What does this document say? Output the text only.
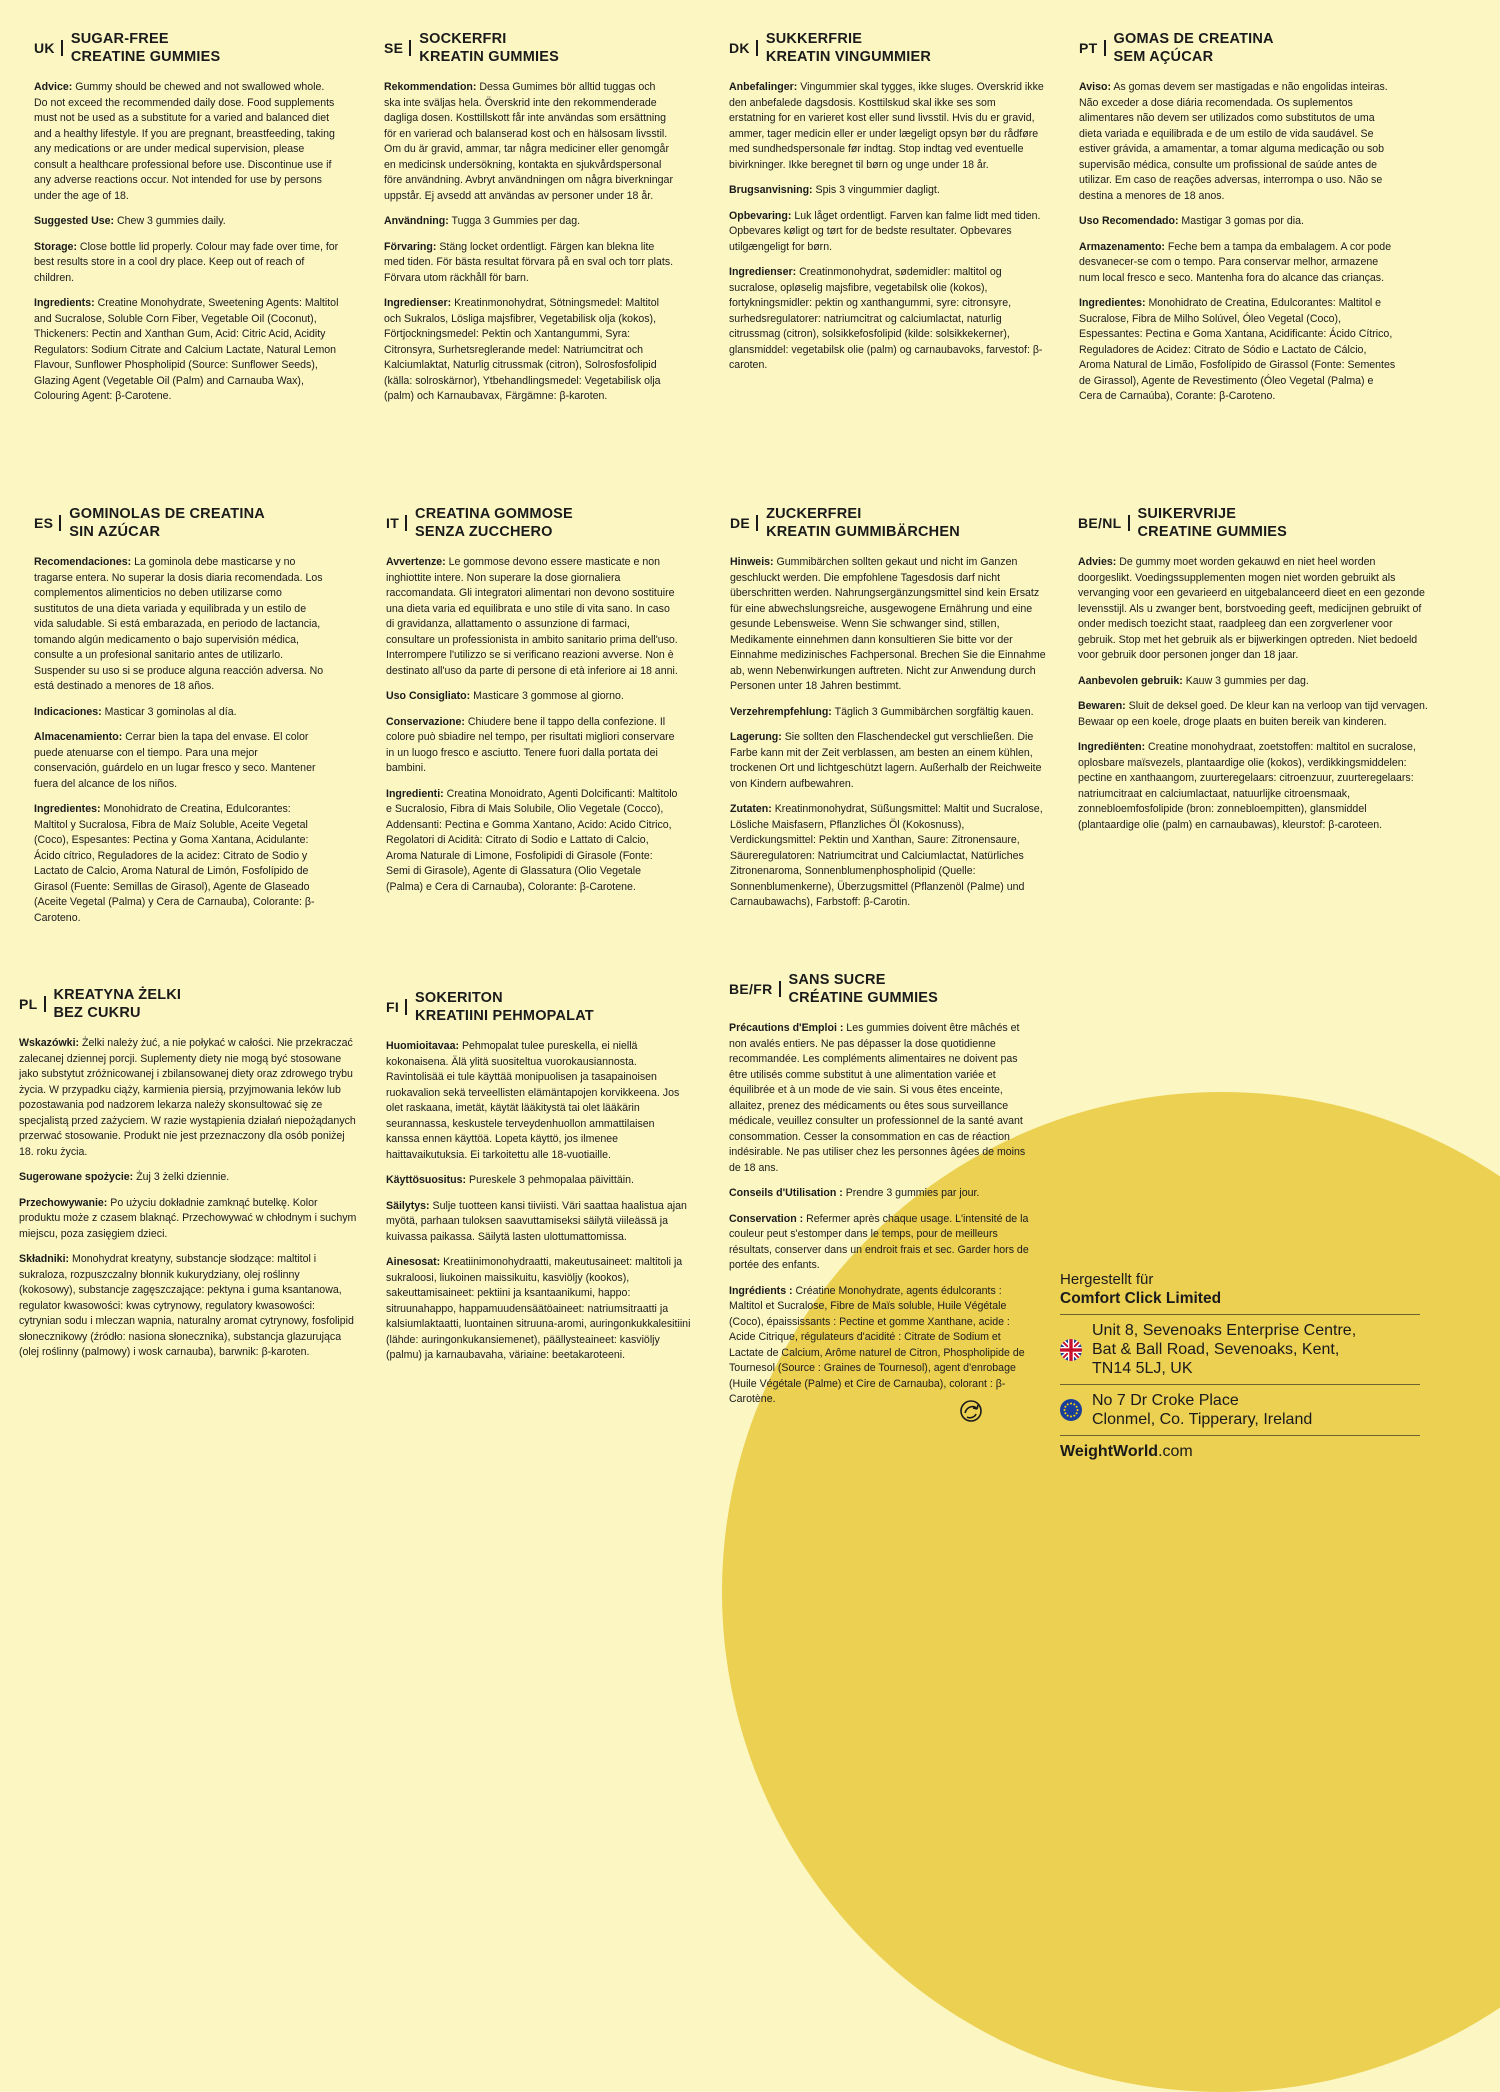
UK
SUGAR-FREE
CREATINE GUMMIES

Advice: Gummy should be chewed and not swallowed whole. Do not exceed the recommended daily dose. Food supplements must not be used as a substitute for a varied and balanced diet and a healthy lifestyle. If you are pregnant, breastfeeding, taking any medications or are under medical supervision, please consult a healthcare professional before use. Discontinue use if any adverse reactions occur. Not intended for use by persons under the age of 18.

Suggested Use: Chew 3 gummies daily.

Storage: Close bottle lid properly. Colour may fade over time, for best results store in a cool dry place. Keep out of reach of children.

Ingredients: Creatine Monohydrate, Sweetening Agents: Maltitol and Sucralose, Soluble Corn Fiber, Vegetable Oil (Coconut), Thickeners: Pectin and Xanthan Gum, Acid: Citric Acid, Acidity Regulators: Sodium Citrate and Calcium Lactate, Natural Lemon Flavour, Sunflower Phospholipid (Source: Sunflower Seeds), Glazing Agent (Vegetable Oil (Palm) and Carnauba Wax), Colouring Agent: β-Carotene.

SE
SOCKERFRI
KREATIN GUMMIES

Rekommendation: Dessa Gumimes bör alltid tuggas och ska inte sväljas hela. Överskrid inte den rekommenderade dagliga dosen. Kosttillskott får inte användas som ersättning för en varierad och balanserad kost och en hälsosam livsstil. Om du är gravid, ammar, tar några mediciner eller genomgår en medicinsk undersökning, kontakta en sjukvårdspersonal före användning. Avbryt användningen om några biverkningar uppstår. Ej avsedd att användas av personer under 18 år.

Användning: Tugga 3 Gummies per dag.

Förvaring: Stäng locket ordentligt. Färgen kan blekna lite med tiden. För bästa resultat förvara på en sval och torr plats. Förvara utom räckhåll för barn.

Ingredienser: Kreatinmonohydrat, Sötningsmedel: Maltitol och Sukralos, Lösliga majsfibrer, Vegetabilisk olja (kokos), Förtjockningsmedel: Pektin och Xantangummi, Syra: Citronsyra, Surhetsreglerande medel: Natriumcitrat och Kalciumlaktat, Naturlig citrussmak (citron), Solrosfosfolipid (källa: solroskärnor), Ytbehandlingsmedel: Vegetabilisk olja (palm) och Karnaubavax, Färgämne: β-karoten.

DK
SUKKERFRIE
KREATIN VINGUMMIER

Anbefalinger: Vingummier skal tygges, ikke sluges. Overskrid ikke den anbefalede dagsdosis. Kosttilskud skal ikke ses som erstatning for en varieret kost eller sund livsstil. Hvis du er gravid, ammer, tager medicin eller er under lægeligt opsyn bør du rådføre med sundhedspersonale før indtag. Stop indtag ved eventuelle bivirkninger. Ikke beregnet til børn og unge under 18 år.

Brugsanvisning: Spis 3 vingummier dagligt.

Opbevaring: Luk låget ordentligt. Farven kan falme lidt med tiden. Opbevares køligt og tørt for de bedste resultater. Opbevares utilgængeligt for børn.

Ingredienser: Creatinmonohydrat, sødemidler: maltitol og sucralose, opløselig majsfibre, vegetabilsk olie (kokos), fortykningsmidler: pektin og xanthangummi, syre: citronsyre, surhedsregulatorer: natriumcitrat og calciumlactat, naturlig citrussmag (citron), solsikkefosfolipid (kilde: solsikkekerner), glansmiddel: vegetabilsk olie (palm) og carnaubavoks, farvestof: β-caroten.

PT
GOMAS DE CREATINA
SEM AÇÚCAR

Aviso: As gomas devem ser mastigadas e não engolidas inteiras. Não exceder a dose diária recomendada. Os suplementos alimentares não devem ser utilizados como substitutos de uma dieta variada e equilibrada e de um estilo de vida saudável. Se estiver grávida, a amamentar, a tomar alguma medicação ou sob supervisão médica, consulte um profissional de saúde antes de utilizar. Em caso de reações adversas, interrompa o uso. Não se destina a menores de 18 anos.

Uso Recomendado: Mastigar 3 gomas por dia.

Armazenamento: Feche bem a tampa da embalagem. A cor pode desvanecer-se com o tempo. Para conservar melhor, armazene num local fresco e seco. Mantenha fora do alcance das crianças.

Ingredientes: Monohidrato de Creatina, Edulcorantes: Maltitol e Sucralose, Fibra de Milho Solúvel, Óleo Vegetal (Coco), Espessantes: Pectina e Goma Xantana, Acidificante: Ácido Cítrico, Reguladores de Acidez: Citrato de Sódio e Lactato de Cálcio, Aroma Natural de Limão, Fosfolípido de Girassol (Fonte: Sementes de Girassol), Agente de Revestimento (Óleo Vegetal (Palma) e Cera de Carnaúba), Corante: β-Caroteno.

ES
GOMINOLAS DE CREATINA
SIN AZÚCAR

Recomendaciones: La gominola debe masticarse y no tragarse entera. No superar la dosis diaria recomendada. Los complementos alimenticios no deben utilizarse como sustitutos de una dieta variada y equilibrada y un estilo de vida saludable. Si está embarazada, en periodo de lactancia, tomando algún medicamento o bajo supervisión médica, consulte a un profesional sanitario antes de utilizarlo. Suspender su uso si se produce alguna reacción adversa. No está destinado a menores de 18 años.

Indicaciones: Masticar 3 gominolas al día.

Almacenamiento: Cerrar bien la tapa del envase. El color puede atenuarse con el tiempo. Para una mejor conservación, guárdelo en un lugar fresco y seco. Mantener fuera del alcance de los niños.

Ingredientes: Monohidrato de Creatina, Edulcorantes: Maltitol y Sucralosa, Fibra de Maíz Soluble, Aceite Vegetal (Coco), Espesantes: Pectina y Goma Xantana, Acidulante: Ácido cítrico, Reguladores de la acidez: Citrato de Sodio y Lactato de Calcio, Aroma Natural de Limón, Fosfolípido de Girasol (Fuente: Semillas de Girasol), Agente de Glaseado (Aceite Vegetal (Palma) y Cera de Carnauba), Colorante: β-Caroteno.

IT
CREATINA GOMMOSE
SENZA ZUCCHERO

Avvertenze: Le gommose devono essere masticate e non inghiottite intere. Non superare la dose giornaliera raccomandata. Gli integratori alimentari non devono sostituire una dieta varia ed equilibrata e uno stile di vita sano. In caso di gravidanza, allattamento o assunzione di farmaci, consultare un professionista in ambito sanitario prima dell'uso. Interrompere l'utilizzo se si verificano reazioni avverse. Non è destinato all'uso da parte di persone di età inferiore ai 18 anni.

Uso Consigliato: Masticare 3 gommose al giorno.

Conservazione: Chiudere bene il tappo della confezione. Il colore può sbiadire nel tempo, per risultati migliori conservare in un luogo fresco e asciutto. Tenere fuori dalla portata dei bambini.

Ingredienti: Creatina Monoidrato, Agenti Dolcificanti: Maltitolo e Sucralosio, Fibra di Mais Solubile, Olio Vegetale (Cocco), Addensanti: Pectina e Gomma Xantano, Acido: Acido Citrico, Regolatori di Acidità: Citrato di Sodio e Lattato di Calcio, Aroma Naturale di Limone, Fosfolipidi di Girasole (Fonte: Semi di Girasole), Agente di Glassatura (Olio Vegetale (Palma) e Cera di Carnauba), Colorante: β-Carotene.

DE
ZUCKERFREI
KREATIN GUMMIBÄRCHEN

Hinweis: Gummibärchen sollten gekaut und nicht im Ganzen geschluckt werden. Die empfohlene Tagesdosis darf nicht überschritten werden. Nahrungsergänzungsmittel sind kein Ersatz für eine abwechslungsreiche, ausgewogene Ernährung und eine gesunde Lebensweise. Wenn Sie schwanger sind, stillen, Medikamente einnehmen dann konsultieren Sie bitte vor der Einnahme medizinisches Fachpersonal. Brechen Sie die Einnahme ab, wenn Nebenwirkungen auftreten. Nicht zur Anwendung durch Personen unter 18 Jahren bestimmt.

Verzehrempfehlung: Täglich 3 Gummibärchen sorgfältig kauen.

Lagerung: Sie sollten den Flaschendeckel gut verschließen. Die Farbe kann mit der Zeit verblassen, am besten an einem kühlen, trockenen Ort und lichtgeschützt lagern. Außerhalb der Reichweite von Kindern aufbewahren.

Zutaten: Kreatinmonohydrat, Süßungsmittel: Maltit und Sucralose, Lösliche Maisfasern, Pflanzliches Öl (Kokosnuss), Verdickungsmittel: Pektin und Xanthan, Saure: Zitronensaure, Säureregulatoren: Natriumcitrat und Calciumlactat, Natürliches Zitronenaroma, Sonnenblumenphospholipid (Quelle: Sonnenblumenkerne), Überzugsmittel (Pflanzenöl (Palme) und Carnaubawachs), Farbstoff: β-Carotin.

BE/NL
SUIKERVRIJE
CREATINE GUMMIES

Advies: De gummy moet worden gekauwd en niet heel worden doorgeslikt. Voedingssupplementen mogen niet worden gebruikt als vervanging voor een gevarieerd en uitgebalanceerd dieet en een gezonde levensstijl. Als u zwanger bent, borstvoeding geeft, medicijnen gebruikt of onder medisch toezicht staat, raadpleeg dan een zorgverlener voor gebruik. Stop met het gebruik als er bijwerkingen optreden. Niet bedoeld voor gebruik door personen jonger dan 18 jaar.

Aanbevolen gebruik: Kauw 3 gummies per dag.

Bewaren: Sluit de deksel goed. De kleur kan na verloop van tijd vervagen. Bewaar op een koele, droge plaats en buiten bereik van kinderen.

Ingrediënten: Creatine monohydraat, zoetstoffen: maltitol en sucralose, oplosbare maïsvezels, plantaardige olie (kokos), verdikkingsmiddelen: pectine en xanthaangom, zuurteregelaars: citroenzuur, zuurteregelaars: natriumcitraat en calciumlactaat, natuurlijke citroensmaak, zonnebloemfosfolipide (bron: zonnebloempitten), glansmiddel (plantaardige olie (palm) en carnaubawas), kleurstof: β-caroteen.

PL
KREATYNA ŻELKI
BEZ CUKRU

Wskazówki: Żelki należy żuć, a nie połykać w całości. Nie przekraczać zalecanej dziennej porcji. Suplementy diety nie mogą być stosowane jako substytut zróżnicowanej i zbilansowanej diety oraz zdrowego trybu życia. W przypadku ciąży, karmienia piersią, przyjmowania leków lub pozostawania pod nadzorem lekarza należy skonsultować się ze specjalistą przed zażyciem. W razie wystąpienia działań niepożądanych przerwać stosowanie. Produkt nie jest przeznaczony dla osób poniżej 18. roku życia.

Sugerowane spożycie: Żuj 3 żelki dziennie.

Przechowywanie: Po użyciu dokładnie zamknąć butelkę. Kolor produktu może z czasem blaknąć. Przechowywać w chłodnym i suchym miejscu, poza zasięgiem dzieci.

Składniki: Monohydrat kreatyny, substancje słodzące: maltitol i sukraloza, rozpuszczalny błonnik kukurydziany, olej roślinny (kokosowy), substancje zagęszczające: pektyna i guma ksantanowa, regulator kwasowości: kwas cytrynowy, regulatory kwasowości: cytrynian sodu i mleczan wapnia, naturalny aromat cytrynowy, fosfolipid słonecznikowy (źródło: nasiona słonecznika), substancja glazurująca (olej roślinny (palmowy) i wosk carnauba), barwnik: β-karoten.

FI
SOKERITON
KREATIINI PEHMOPALAT

Huomioitavaa: Pehmopalat tulee pureskella, ei niellä kokonaisena. Älä ylitä suositeltua vuorokausiannosta. Ravintolisää ei tule käyttää monipuolisen ja tasapainoisen ruokavalion sekä terveellisten elämäntapojen korvikkeena. Jos olet raskaana, imetät, käytät lääkitystä tai olet lääkärin seurannassa, keskustele terveydenhuollon ammattilaisen kanssa ennen käyttöä. Lopeta käyttö, jos ilmenee haittavaikutuksia. Ei tarkoitettu alle 18-vuotiaille.

Käyttösuositus: Pureskele 3 pehmopalaa päivittäin.

Säilytys: Sulje tuotteen kansi tiiviisti. Väri saattaa haalistua ajan myötä, parhaan tuloksen saavuttamiseksi säilytä viileässä ja kuivassa paikassa. Säilytä lasten ulottumattomissa.

Ainesosat: Kreatiinimonohydraatti, makeutusaineet: maltitoli ja sukraloosi, liukoinen maissikuitu, kasviöljy (kookos), sakeuttamisaineet: pektiini ja ksantaanikumi, happo: sitruunahappo, happamuudensäätöaineet: natriumsitraatti ja kalsiumlaktaatti, luontainen sitruuna-aromi, auringonkukkalesitiini (lähde: auringonkukansiemenet), päällysteaineet: kasviöljy (palmu) ja karnaubavaha, väriaine: beetakaroteeni.

BE/FR
SANS SUCRE
CRÉATINE GUMMIES

Précautions d'Emploi : Les gummies doivent être mâchés et non avalés entiers. Ne pas dépasser la dose quotidienne recommandée. Les compléments alimentaires ne doivent pas être utilisés comme substitut à une alimentation variée et équilibrée et à un mode de vie sain. Si vous êtes enceinte, allaitez, prenez des médicaments ou êtes sous surveillance médicale, veuillez consulter un professionnel de la santé avant consommation. Cesser la consommation en cas de réaction indésirable. Ne pas utiliser chez les personnes âgées de moins de 18 ans.

Conseils d'Utilisation : Prendre 3 gummies par jour.

Conservation : Refermer après chaque usage. L'intensité de la couleur peut s'estomper dans le temps, pour de meilleurs résultats, conserver dans un endroit frais et sec. Garder hors de portée des enfants.

Ingrédients : Créatine Monohydrate, agents édulcorants : Maltitol et Sucralose, Fibre de Maïs soluble, Huile Végétale (Coco), épaississants : Pectine et gomme Xanthane, acide : Acide Citrique, régulateurs d'acidité : Citrate de Sodium et Lactate de Calcium, Arôme naturel de Citron, Phospholipide de Tournesol (Source : Graines de Tournesol), agent d'enrobage (Huile Végétale (Palme) et Cire de Carnauba), colorant : β-Carotène.

Hergestellt für
Comfort Click Limited
Unit 8, Sevenoaks Enterprise Centre,
Bat & Ball Road, Sevenoaks, Kent,
TN14 5LJ, UK
No 7 Dr Croke Place
Clonmel, Co. Tipperary, Ireland
WeightWorld.com
